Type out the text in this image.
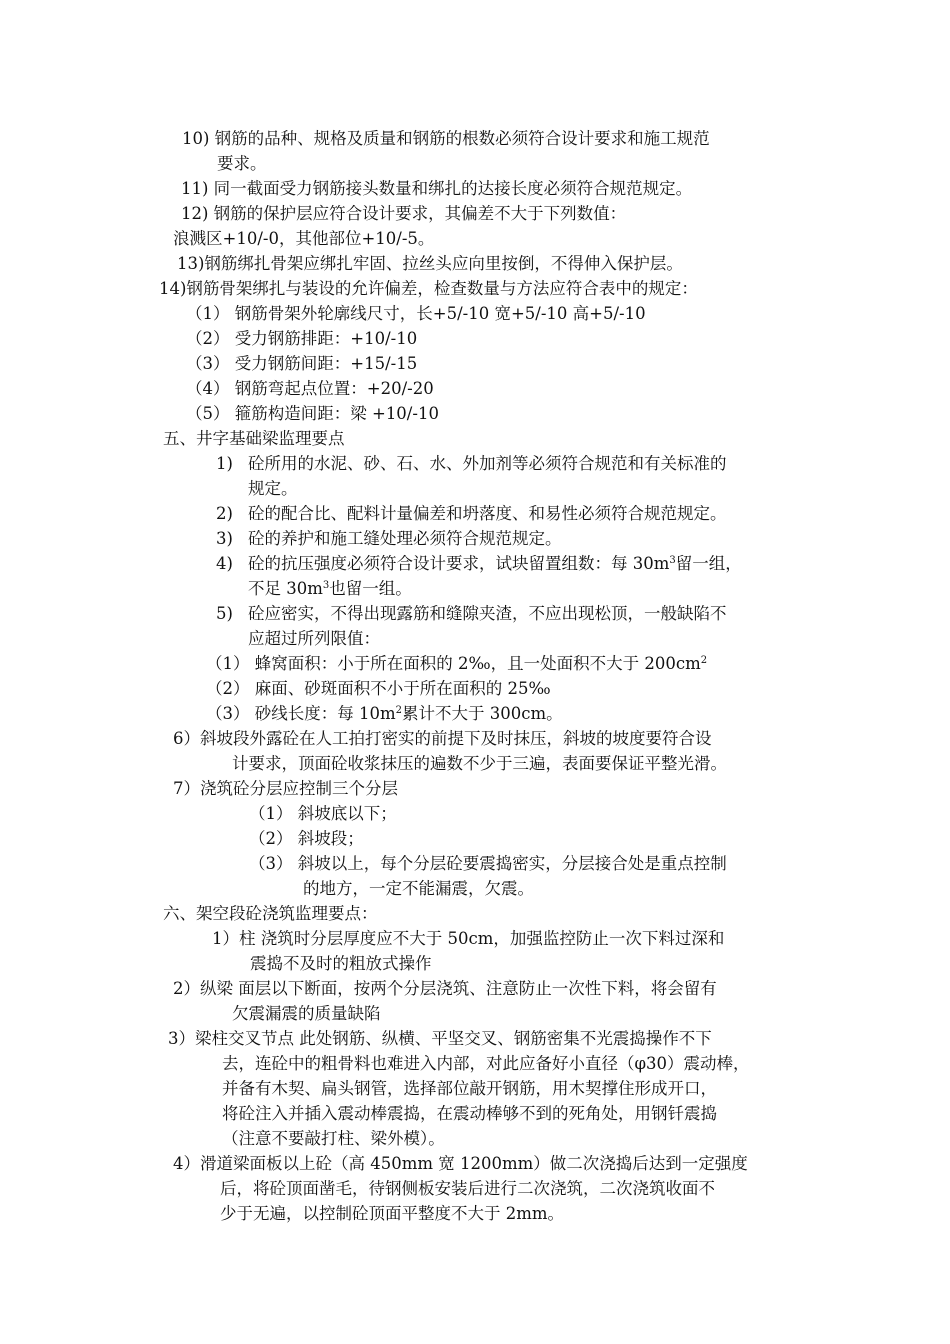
10) 钢筋的品种、规格及质量和钢筋的根数必须符合设计要求和施工规范
要求。
11) 同一截面受力钢筋接头数量和绑扎的达接长度必须符合规范规定。
12) 钢筋的保护层应符合设计要求，其偏差不大于下列数值：
浪溅区+10/-0，其他部位+10/-5。
13)钢筋绑扎骨架应绑扎牢固、拉丝头应向里按倒，不得伸入保护层。
14)钢筋骨架绑扎与装设的允许偏差，检查数量与方法应符合表中的规定：
（1） 钢筋骨架外轮廓线尺寸，长+5/-10 宽+5/-10 高+5/-10
（2） 受力钢筋排距：+10/-10
（3） 受力钢筋间距：+15/-15
（4） 钢筋弯起点位置：+20/-20
（5） 箍筋构造间距：梁 +10/-10
五、井字基础梁监理要点
1) 砼所用的水泥、砂、石、水、外加剂等必须符合规范和有关标准的
规定。
2) 砼的配合比、配料计量偏差和坍落度、和易性必须符合规范规定。
3) 砼的养护和施工缝处理必须符合规范规定。
4) 砼的抗压强度必须符合设计要求，试块留置组数：每 $30m^3$留一组，
不足 $30m^3$也留一组。
5) 砼应密实，不得出现露筋和缝隙夹渣，不应出现松顶，一般缺陷不
应超过所列限值：
（1） 蜂窝面积：小于所在面积的 2‰，且一处面积不大于 $200cm^2$
（2） 麻面、砂斑面积不小于所在面积的 25‰
（3） 砂线长度：每 $10m^2$累计不大于 300cm。
6）斜坡段外露砼在人工拍打密实的前提下及时抹压，斜坡的坡度要符合设
计要求，顶面砼收浆抹压的遍数不少于三遍，表面要保证平整光滑。
7）浇筑砼分层应控制三个分层
（1） 斜坡底以下；
（2） 斜坡段；
（3） 斜坡以上，每个分层砼要震捣密实，分层接合处是重点控制
的地方，一定不能漏震，欠震。
六、架空段砼浇筑监理要点：
1）柱 浇筑时分层厚度应不大于 50cm，加强监控防止一次下料过深和
震捣不及时的粗放式操作
2）纵梁 面层以下断面，按两个分层浇筑、注意防止一次性下料，将会留有
欠震漏震的质量缺陷
3）梁柱交叉节点 此处钢筋、纵横、平坚交叉、钢筋密集不光震捣操作不下
去，连砼中的粗骨料也难进入内部，对此应备好小直径（φ30）震动棒，
并备有木契、扁头钢管，选择部位敲开钢筋，用木契撑住形成开口，
将砼注入并插入震动棒震捣，在震动棒够不到的死角处，用钢钎震捣
（注意不要敲打柱、梁外模）。
4）滑道梁面板以上砼（高 450mm 宽 1200mm）做二次浇捣后达到一定强度
后，将砼顶面凿毛，待钢侧板安装后进行二次浇筑，二次浇筑收面不
少于无遍，以控制砼顶面平整度不大于 2mm。
